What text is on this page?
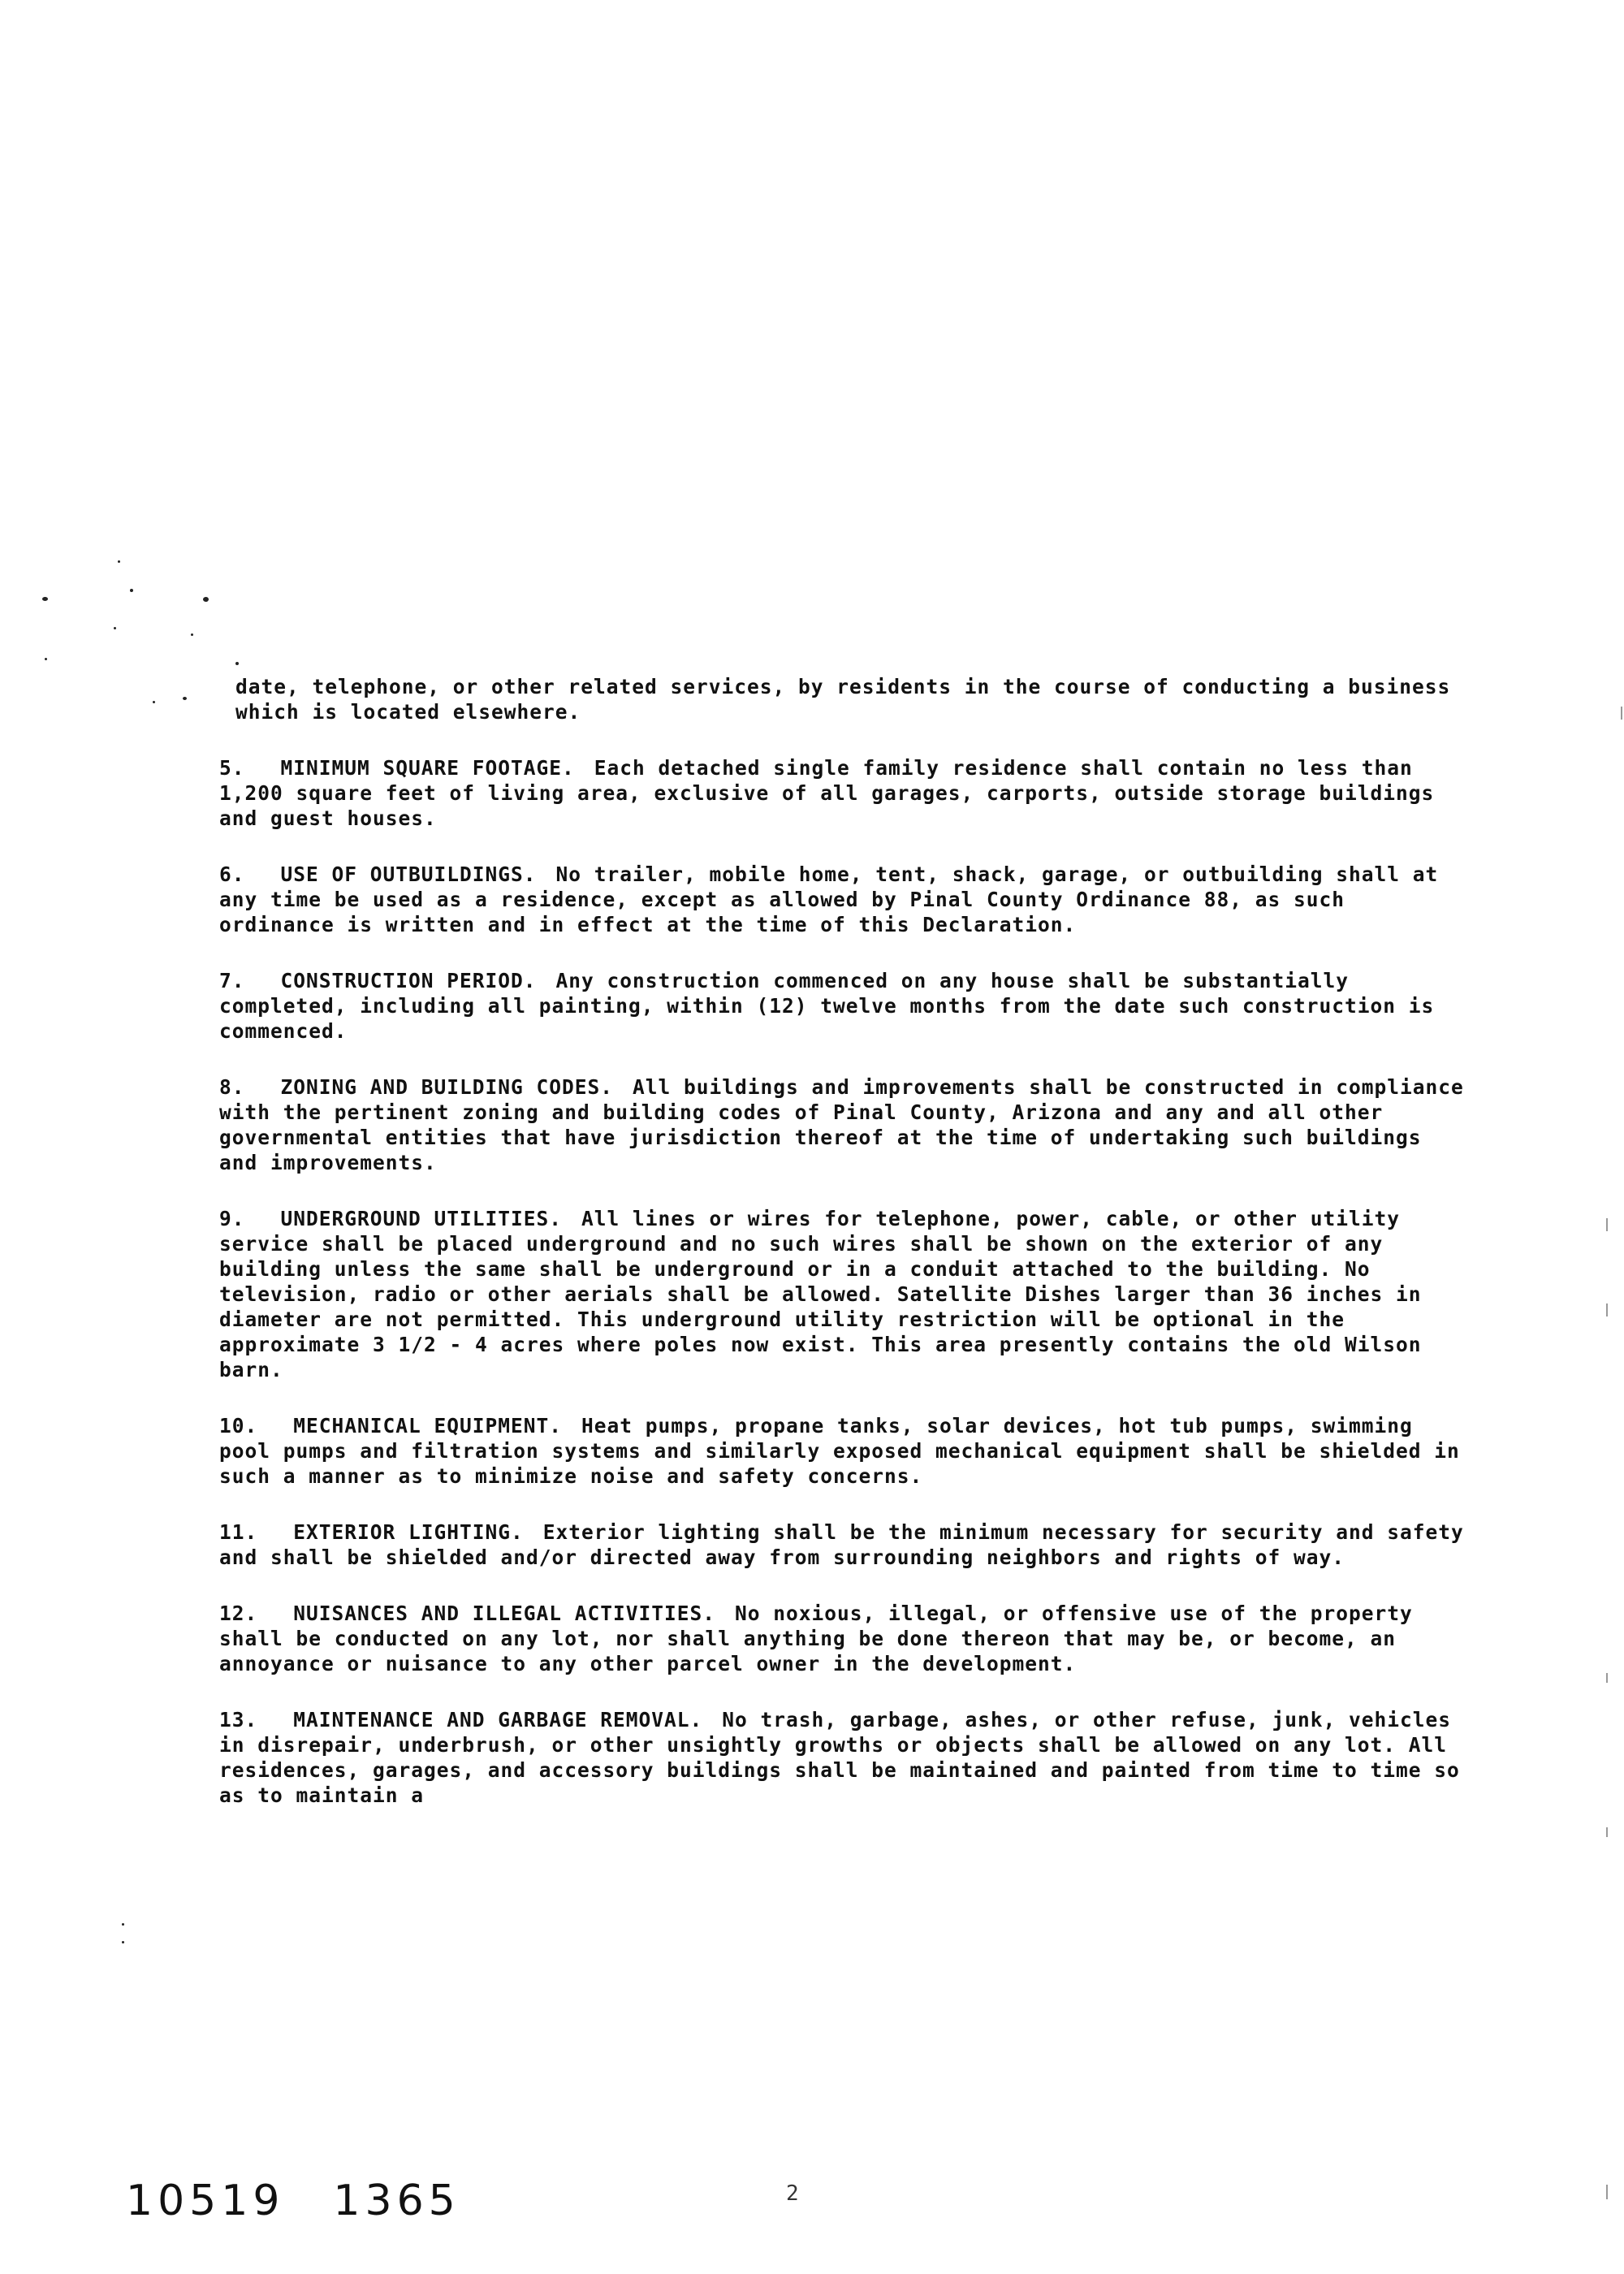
date, telephone, or other related services, by residents in the course of conducting a business which is located elsewhere.

5. MINIMUM SQUARE FOOTAGE. Each detached single family residence shall contain no less than 1,200 square feet of living area, exclusive of all garages, carports, outside storage buildings and guest houses.

6. USE OF OUTBUILDINGS. No trailer, mobile home, tent, shack, garage, or outbuilding shall at any time be used as a residence, except as allowed by Pinal County Ordinance 88, as such ordinance is written and in effect at the time of this Declaration.

7. CONSTRUCTION PERIOD. Any construction commenced on any house shall be substantially completed, including all painting, within (12) twelve months from the date such construction is commenced.

8. ZONING AND BUILDING CODES. All buildings and improvements shall be constructed in compliance with the pertinent zoning and building codes of Pinal County, Arizona and any and all other governmental entities that have jurisdiction thereof at the time of undertaking such buildings and improvements.

9. UNDERGROUND UTILITIES. All lines or wires for telephone, power, cable, or other utility service shall be placed underground and no such wires shall be shown on the exterior of any building unless the same shall be underground or in a conduit attached to the building. No television, radio or other aerials shall be allowed. Satellite Dishes larger than 36 inches in diameter are not permitted. This underground utility restriction will be optional in the approximate 3 1/2 - 4 acres where poles now exist. This area presently contains the old Wilson barn.

10. MECHANICAL EQUIPMENT. Heat pumps, propane tanks, solar devices, hot tub pumps, swimming pool pumps and filtration systems and similarly exposed mechanical equipment shall be shielded in such a manner as to minimize noise and safety concerns.

11. EXTERIOR LIGHTING. Exterior lighting shall be the minimum necessary for security and safety and shall be shielded and/or directed away from surrounding neighbors and rights of way.

12. NUISANCES AND ILLEGAL ACTIVITIES. No noxious, illegal, or offensive use of the property shall be conducted on any lot, nor shall anything be done thereon that may be, or become, an annoyance or nuisance to any other parcel owner in the development.

13. MAINTENANCE AND GARBAGE REMOVAL. No trash, garbage, ashes, or other refuse, junk, vehicles in disrepair, underbrush, or other unsightly growths or objects shall be allowed on any lot. All residences, garages, and accessory buildings shall be maintained and painted from time to time so as to maintain a

10519 1365	2
